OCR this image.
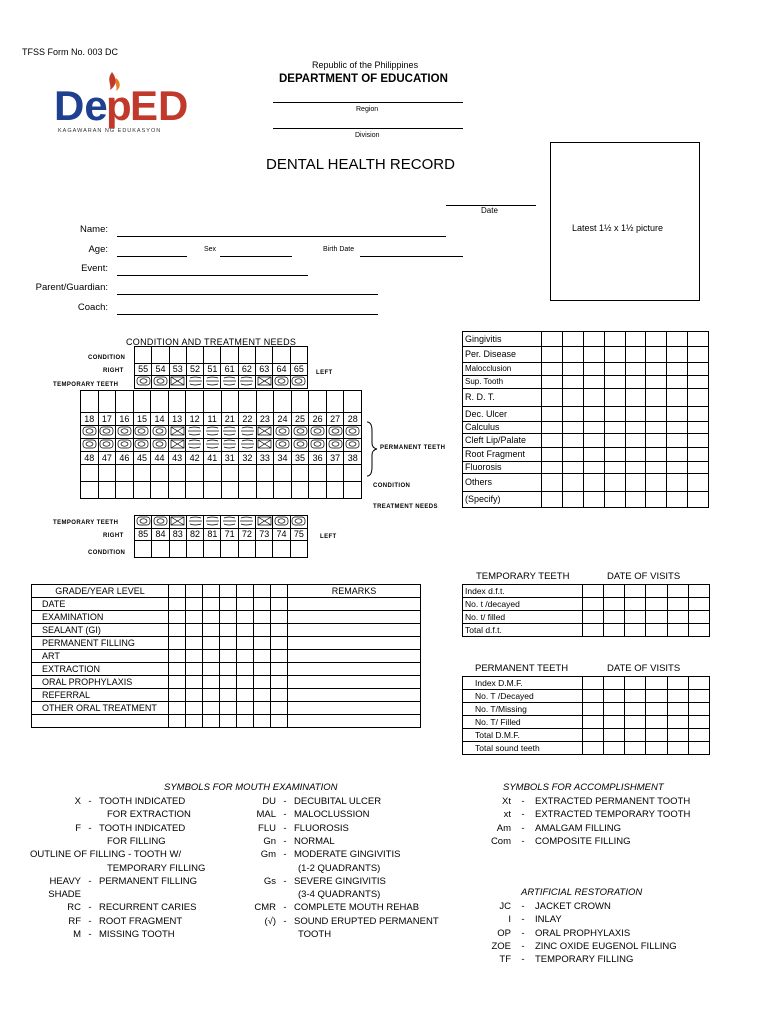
TFSS Form No. 003 DC
De
p
ED
KAGAWARAN NG EDUKASYON
Republic of the Philippines
DEPARTMENT OF EDUCATION
Region
Division
DENTAL HEALTH RECORD
Date
Latest 1½ x 1½ picture
Name:
Age:	Sex	Birth Date
Event:
Parent/Guardian:
Coach:
CONDITION AND TREATMENT NEEDS
CONDITION
RIGHT
TEMPORARY TEETH
LEFT

55	54	53	52	51	61	62	63	64	65

18	17	16	15	14	13	12	11	21	22	23	24	25	26	27	28

48	47	46	45	44	43	42	41	31	32	33	34	35	36	37	38

PERMANENT TEETH
CONDITION
TREATMENT NEEDS

85	84	83	82	81	71	72	73	74	75

TEMPORARY TEETH
RIGHT	LEFT
CONDITION
Gingivitis								
Per. Disease								
Malocclusion								
Sup. Tooth								
R. D. T.								
Dec. Ulcer								
Calculus								
Cleft Lip/Palate								
Root Fragment								
Fluorosis								
Others								
(Specify)								
GRADE/YEAR LEVEL								REMARKS
DATE								
EXAMINATION								
SEALANT (GI)								
PERMANENT FILLING								
ART								
EXTRACTION								
ORAL PROPHYLAXIS								
REFERRAL								
OTHER ORAL TREATMENT								

TEMPORARY TEETH	DATE OF VISITS
Index d.f.t.						
No. t /decayed						
No. t/ filled						
Total d.f.t.						
PERMANENT TEETH	DATE OF VISITS
Index D.M.F.						
No. T /Decayed						
No. T/Missing						
No. T/ Filled						
Total D.M.F.						
Total sound teeth						
SYMBOLS FOR MOUTH EXAMINATION
X - TOOTH INDICATED
FOR EXTRACTION
F - TOOTH INDICATED
FOR FILLING
OUTLINE OF FILLING - TOOTH W/
TEMPORARY FILLING
HEAVY - PERMANENT FILLING
SHADE
RC - RECURRENT CARIES
RF - ROOT FRAGMENT
M - MISSING TOOTH
DU - DECUBITAL ULCER
MAL - MALOCLUSSION
FLU - FLUOROSIS
Gn - NORMAL
Gm - MODERATE GINGIVITIS
(1-2 QUADRANTS)
Gs - SEVERE GINGIVITIS
(3-4 QUADRANTS)
CMR - COMPLETE MOUTH REHAB
(√) - SOUND ERUPTED PERMANENT
TOOTH
SYMBOLS FOR ACCOMPLISHMENT
Xt - EXTRACTED PERMANENT TOOTH
xt - EXTRACTED TEMPORARY TOOTH
Am - AMALGAM FILLING
Com - COMPOSITE FILLING
ARTIFICIAL RESTORATION
JC - JACKET CROWN
I - INLAY
OP - ORAL PROPHYLAXIS
ZOE - ZINC OXIDE EUGENOL FILLING
TF - TEMPORARY FILLING
